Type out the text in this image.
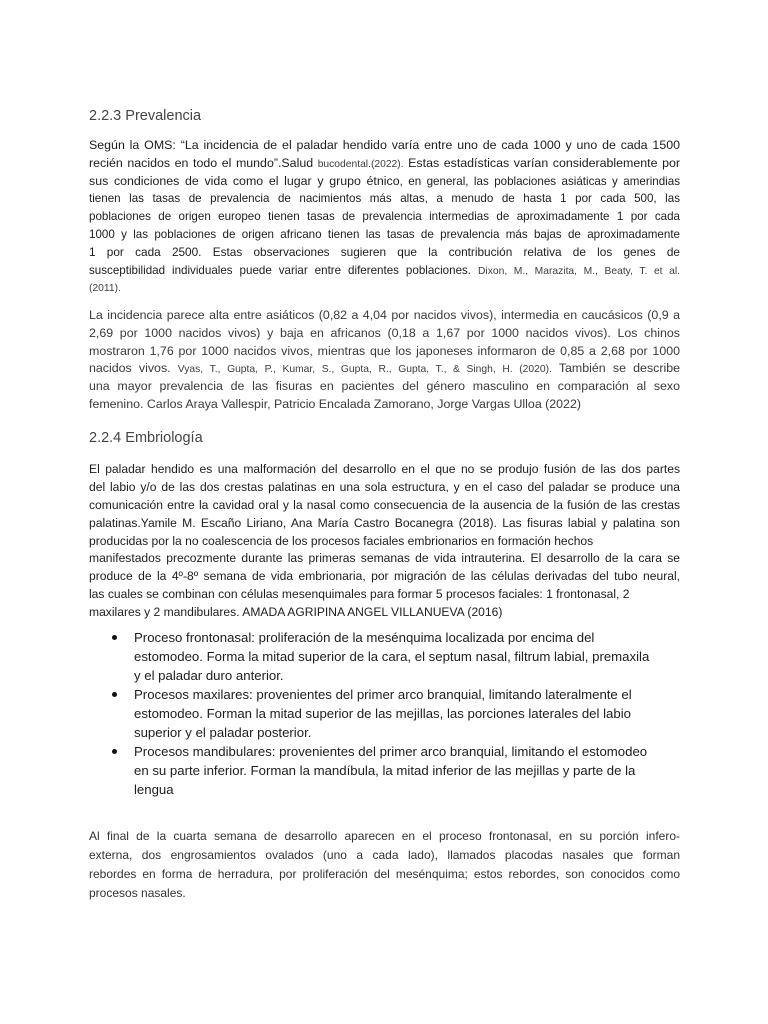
2.2.3 Prevalencia
Según la OMS: “La incidencia de el paladar hendido varía entre uno de cada 1000 y uno de cada 1500
recién nacidos en todo el mundo”.Salud bucodental.(2022). Estas estadísticas varían considerablemente por
sus condiciones de vida como el lugar y grupo étnico, en general, las poblaciones asiáticas y amerindias
tienen las tasas de prevalencia de nacimientos más altas, a menudo de hasta 1 por cada 500, las
poblaciones de origen europeo tienen tasas de prevalencia intermedias de aproximadamente 1 por cada
1000 y las poblaciones de origen africano tienen las tasas de prevalencia más bajas de aproximadamente
1 por cada 2500. Estas observaciones sugieren que la contribución relativa de los genes de
susceptibilidad individuales puede variar entre diferentes poblaciones. Dixon, M., Marazita, M., Beaty, T. et al.
(2011).
La incidencia parece alta entre asiáticos (0,82 a 4,04 por nacidos vivos), intermedia en caucásicos (0,9 a
2,69 por 1000 nacidos vivos) y baja en africanos (0,18 a 1,67 por 1000 nacidos vivos). Los chinos
mostraron 1,76 por 1000 nacidos vivos, mientras que los japoneses informaron de 0,85 a 2,68 por 1000
nacidos vivos. Vyas, T., Gupta, P., Kumar, S., Gupta, R., Gupta, T., & Singh, H. (2020). También se describe
una mayor prevalencia de las fisuras en pacientes del género masculino en comparación al sexo
femenino. Carlos Araya Vallespir, Patricio Encalada Zamorano, Jorge Vargas Ulloa (2022)
2.2.4 Embriología
El paladar hendido es una malformación del desarrollo en el que no se produjo fusión de las dos partes
del labio y/o de las dos crestas palatinas en una sola estructura, y en el caso del paladar se produce una
comunicación entre la cavidad oral y la nasal como consecuencia de la ausencia de la fusión de las crestas
palatinas.Yamile M. Escaño Liriano, Ana María Castro Bocanegra (2018). Las fisuras labial y palatina son
producidas por la no coalescencia de los procesos faciales embrionarios en formación hechos
manifestados precozmente durante las primeras semanas de vida intrauterina. El desarrollo de la cara se
produce de la 4º-8º semana de vida embrionaria, por migración de las células derivadas del tubo neural,
las cuales se combinan con células mesenquimales para formar 5 procesos faciales: 1 frontonasal, 2
maxilares y 2 mandibulares. AMADA AGRIPINA ANGEL VILLANUEVA (2016)
Proceso frontonasal: proliferación de la mesénquima localizada por encima del
estomodeo. Forma la mitad superior de la cara, el septum nasal, filtrum labial, premaxila
y el paladar duro anterior.
Procesos maxilares: provenientes del primer arco branquial, limitando lateralmente el
estomodeo. Forman la mitad superior de las mejillas, las porciones laterales del labio
superior y el paladar posterior.
Procesos mandibulares: provenientes del primer arco branquial, limitando el estomodeo
en su parte inferior. Forman la mandíbula, la mitad inferior de las mejillas y parte de la
lengua
Al final de la cuarta semana de desarrollo aparecen en el proceso frontonasal, en su porción infero-
externa, dos engrosamientos ovalados (uno a cada lado), llamados placodas nasales que forman
rebordes en forma de herradura, por proliferación del mesénquima; estos rebordes, son conocidos como
procesos nasales.
